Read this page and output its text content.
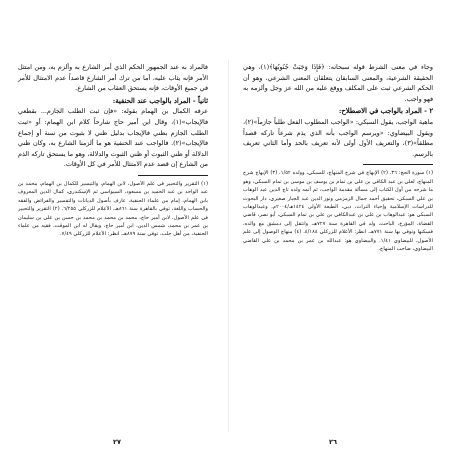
وجاء في معنى الشرط قوله سبحانه: ﴿فَإِذَا وَجَبَتْ جُنُوبُهَا﴾(١)، وهي الحقيقة الشرعية، والمعنى السابقان يتعلقان المعنى الشرعي، وهو أن الحكم الشرعي ثبت على المكلف ووقع عليه من الله عز وجل وألزمه به فهو واجب.

٢ - المراد بالواجب في الاصطلاح:

ماهية الواجب، يقول السبكي: «الواجب المطلوب الفعل طلباً جازماً»(٢)، ويقول البيضاوي: «ويرسم الواجب بأنه الذي يذم شرعاً تاركه قصداً مطلقاً»(٣)، والتعريف الأول أولى لأنه تعريف بالحد وأما الثاني تعريف بالرسم.

(١) سورة الحج: ٣٦. (٢) الإبهاج في شرح المنهاج، للسبكي، وولده ١/٥٢. (٣) الإبهاج شرح المنهاج، لعلي بن عبد الكافي بن علي بن تمام بن يوسف بن موسى بن تمام السبكي، وهو ما شرحه من أول الكتاب إلى مسألة مقدمة الواجب، ثم أتمه ولده تاج الدين عبد الوهاب بن علي السبكي، تحقيق أحمد جمال الزمزمي ونور الدين عبد الجبار صغيري، دار البحوث للدراسات الإسلامية وإحياء التراث، دبي، الطبعة الأولى ١٤٢٤هـ/٢٠٠٤م. وعبدالوهاب السبكي هو: عبدالوهاب بن علي بن عبدالكافي بن علي بن تمام السبكي، أبو نصر، قاضي القضاة، المؤرخ، الباحث، ولد في القاهرة سنة ٧٢٧هـ، وانتقل إلى دمشق مع والده، فسكنها وتوفي بها سنة ٧٧١هـ. انظر: الأعلام للزركلي ٤/١٨٤. (٤) منهاج الوصول إلى علم الأصول، للبيضاوي ١/٤١. والبيضاوي هو: عبدالله بن عمر بن محمد بن علي القاضي البيضاوي، صاحب المنهاج.

فالمراد به عند الجمهور الحكم الذي أمر الشارع به وألزم به، ومن امتثل الأمر فإنه يثاب عليه، أما من ترك أمر الشارع قاصداً عدم الامتثال للأمر في جميع الأوقات، فإنه يستحق العقاب من الشارع.

ثانياً - المراد بالواجب عند الحنفية:

عرفه الكمال بن الهمام بقوله: «فإن ثبت الطلب الجازم... بقطعي فالإيجاب»(١)، وقال ابن أمير حاج شارحاً كلام ابن الهمام: أو «ثبت الطلب الجازم بظني فالإيجاب بدليل ظني لا بثبوت من سنة أو إجماع فالإيجاب»(٢). فالواجب عند الحنفية هو ما ألزمنا الشارع به، وكان ظني الدلالة أو ظني الثبوت أو ظني الثبوت والدلالة، وهو ما يستحق تاركه الذم من الشارع إن قصد عدم الامتثال للأمر في كل الأوقات.

(١) التقرير والتحبير في علم الأصول، لابن الهمام، والتيسير للكمال بن الهمام، محمد بن عبد الواحد بن عبد الحميد بن مسعود، السيواسي ثم الإسكندري، كمال الدين المعروف بابن الهمام، إمام من علماء الحنفية، عارف بأصول الديانات والتفسير والفرائض والفقه والحساب واللغة، توفي بالقاهرة سنة ٨٦١هـ. الأعلام للزركلي ٦/٢٥٥. (٢) التقرير والتحبير في علم الأصول، لابن أمير حاج، محمد بن محمد بن محمد بن حسن بن علي بن سليمان بن عمر بن محمد، شمس الدين، ابن أمير حاج، ويقال له ابن الموقت، فقيه من علماء الحنفية، من أهل حلب، توفي سنة ٨٧٩هـ. انظر: الأعلام للزركلي ٧/٤٩.

٢٦
٢٧
